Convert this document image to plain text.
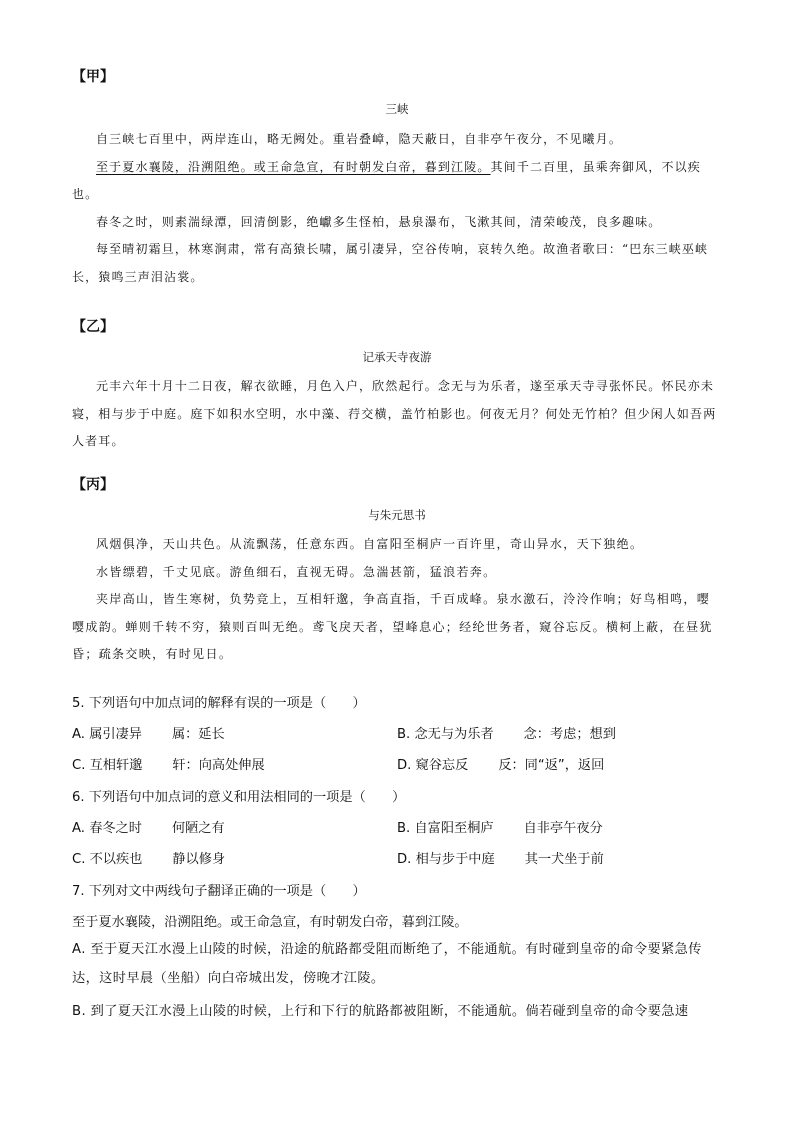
【甲】
三峡
自三峡七百里中，两岸连山，略无阙处。重岩叠嶂，隐天蔽日，自非亭午夜分，不见曦月。
至于夏水襄陵，沿溯阻绝。或王命急宣，有时朝发白帝，暮到江陵。其间千二百里，虽乘奔御风，不以疾也。
春冬之时，则素湍绿潭，回清倒影，绝巘多生怪柏，悬泉瀑布，飞漱其间，清荣峻茂，良多趣味。
每至晴初霜旦，林寒涧肃，常有高猿长啸，属引凄异，空谷传响，哀转久绝。故渔者歌曰：“巴东三峡巫峡长，猿鸣三声泪沾裳。
【乙】
记承天寺夜游
元丰六年十月十二日夜，解衣欲睡，月色入户，欣然起行。念无与为乐者，遂至承天寺寻张怀民。怀民亦未寝，相与步于中庭。庭下如积水空明，水中藻、荇交横，盖竹柏影也。何夜无月？何处无竹柏？但少闲人如吾两人者耳。
【丙】
与朱元思书
风烟俱净，天山共色。从流飘荡，任意东西。自富阳至桐庐一百许里，奇山异水，天下独绝。
水皆缥碧，千丈见底。游鱼细石，直视无碍。急湍甚箭，猛浪若奔。
夹岸高山，皆生寒树，负势竞上，互相轩邈，争高直指，千百成峰。泉水激石，泠泠作响；好鸟相鸣，嘤嘤成韵。蝉则千转不穷，猿则百叫无绝。鸢飞戾天者，望峰息心；经纶世务者，窥谷忘反。横柯上蔽，在昼犹昏；疏条交映，有时见日。
5. 下列语句中加点词的解释有误的一项是（　　）
A. 属引凄异 属：延长	B. 念无与为乐者 念：考虑；想到
C. 互相轩邈 轩：向高处伸展	D. 窥谷忘反 反：同“返”，返回
6. 下列语句中加点词的意义和用法相同的一项是（　　）
A. 春冬之时 何陋之有	B. 自富阳至桐庐 自非亭午夜分
C. 不以疾也 静以修身	D. 相与步于中庭 其一犬坐于前
7. 下列对文中两线句子翻译正确的一项是（　　）
至于夏水襄陵，沿溯阻绝。或王命急宣，有时朝发白帝，暮到江陵。
A. 至于夏天江水漫上山陵的时候，沿途的航路都受阻而断绝了，不能通航。有时碰到皇帝的命令要紧急传达，这时早晨（坐船）向白帝城出发，傍晚才江陵。
B. 到了夏天江水漫上山陵的时候，上行和下行的航路都被阻断，不能通航。倘若碰到皇帝的命令要急速
